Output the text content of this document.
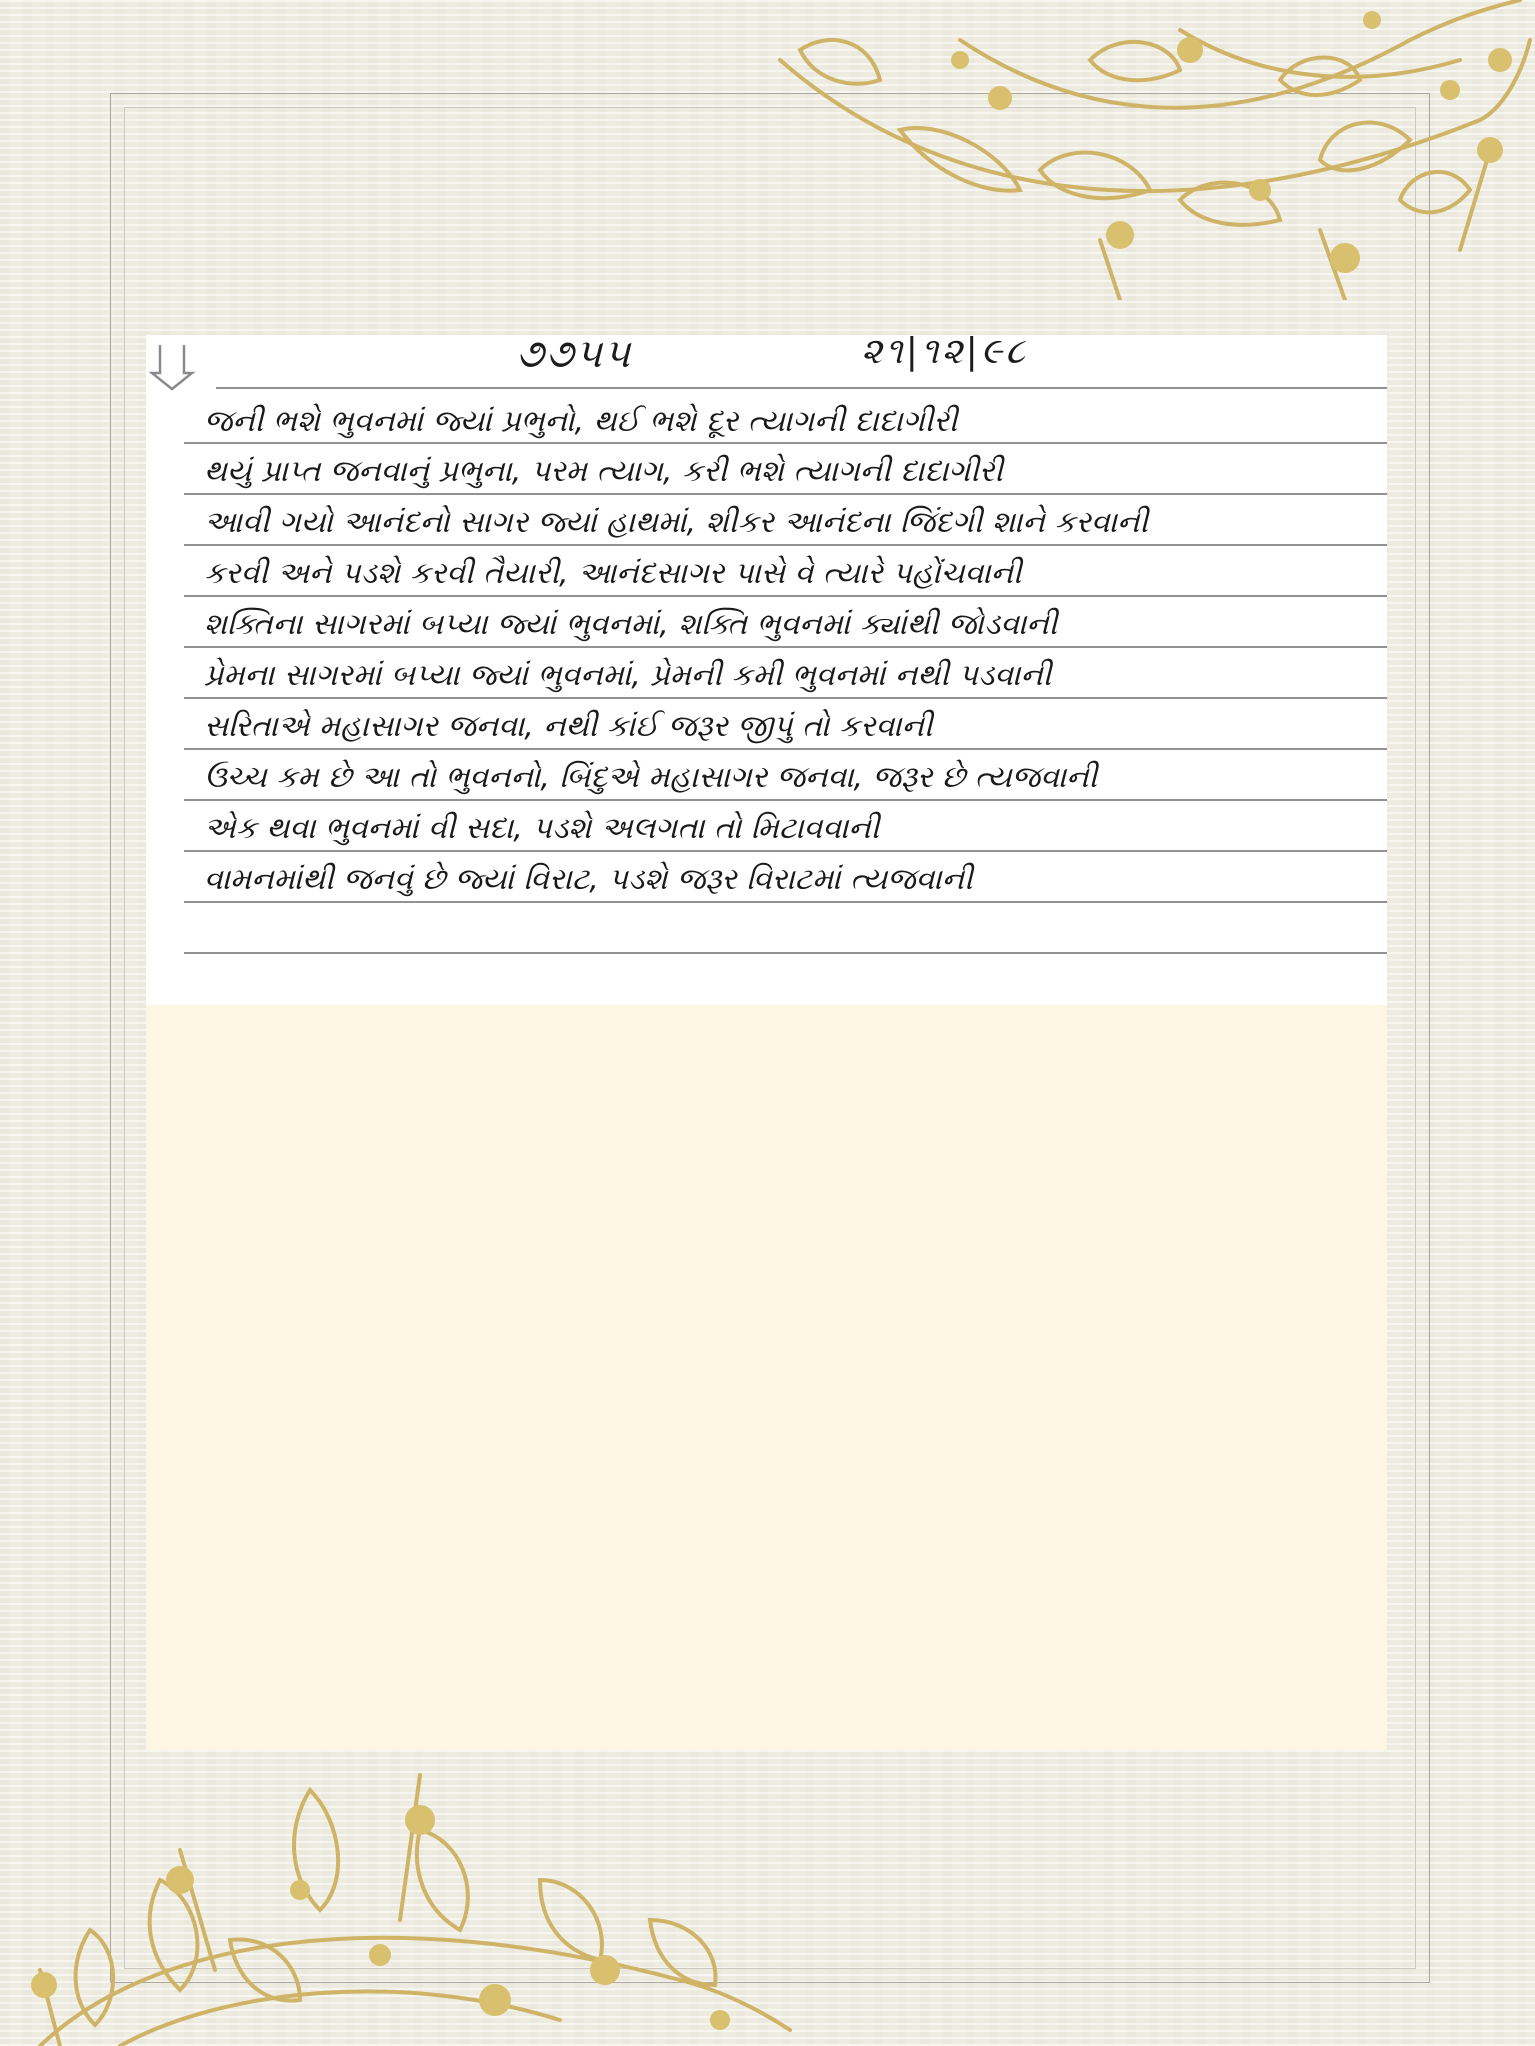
૭૭૫૫	૨૧|૧૨|૯૮
જની ભશે ભુવનમાં જ્યાં પ્રભુનો, થઈ ભશે દૂર ત્યાગની દાદાગીરી
થયું પ્રાપ્ત જનવાનું પ્રભુના, પરમ ત્યાગ, કરી ભશે ત્યાગની દાદાગીરી
આવી ગયો આનંદનો સાગર જ્યાં હાથમાં, શીકર આનંદના જિંદગી શાને કરવાની
કરવી અને પડશે કરવી તૈયારી, આનંદસાગર પાસે વે ત્યારે પહોંચવાની
શક્તિના સાગરમાં બપ્યા જ્યાં ભુવનમાં, શક્તિ ભુવનમાં ક્યાંથી જોડવાની
પ્રેમના સાગરમાં બપ્યા જ્યાં ભુવનમાં, પ્રેમની કમી ભુવનમાં નથી પડવાની
સરિતાએ મહાસાગર જનવા, નથી કાંઈ જરૂર જીપું તો કરવાની
ઉચ્ચ કમ છે આ તો ભુવનનો, બિંદુએ મહાસાગર જનવા, જરૂર છે ત્યજવાની
એક થવા ભુવનમાં વી સદા, પડશે અલગતા તો મિટાવવાની
વામનમાંથી જનવું છે જ્યાં વિરાટ, પડશે જરૂર વિરાટમાં ત્યજવાની
